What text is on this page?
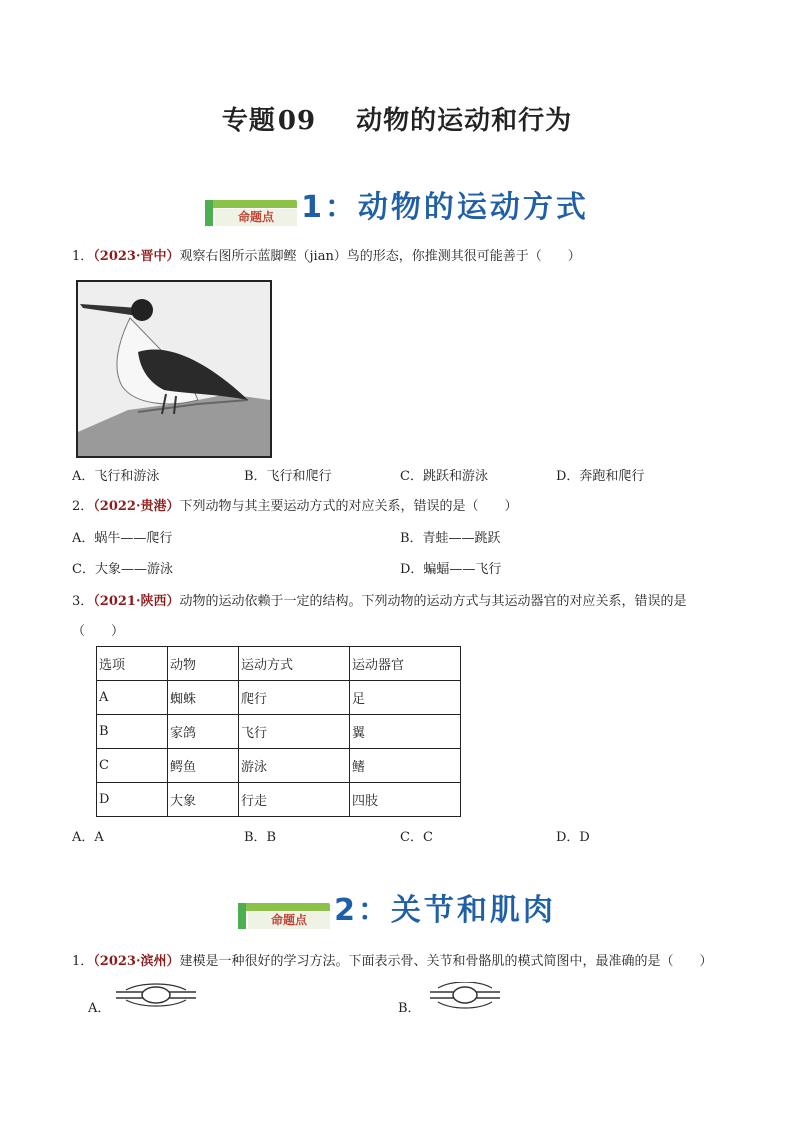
专题09 动物的运动和行为
命题点 1：动物的运动方式
1．（2023·晋中）观察右图所示蓝脚鲣（jian）鸟的形态，你推测其很可能善于（　　）
A．飞行和游泳	B．飞行和爬行	C．跳跃和游泳	D．奔跑和爬行
2．（2022·贵港）下列动物与其主要运动方式的对应关系，错误的是（　　）
A．蜗牛——爬行	B．青蛙——跳跃
C．大象——游泳	D．蝙蝠——飞行
3．（2021·陕西）动物的运动依赖于一定的结构。下列动物的运动方式与其运动器官的对应关系，错误的是
（　　）
选项	动物	运动方式	运动器官
A	蜘蛛	爬行	足
B	家鸽	飞行	翼
C	鳄鱼	游泳	鳍
D	大象	行走	四肢
A．A	B．B	C．C	D．D
命题点 2：关节和肌肉
1．（2023·滨州）建模是一种很好的学习方法。下面表示骨、关节和骨骼肌的模式简图中，最准确的是（　　）
A．	B．
